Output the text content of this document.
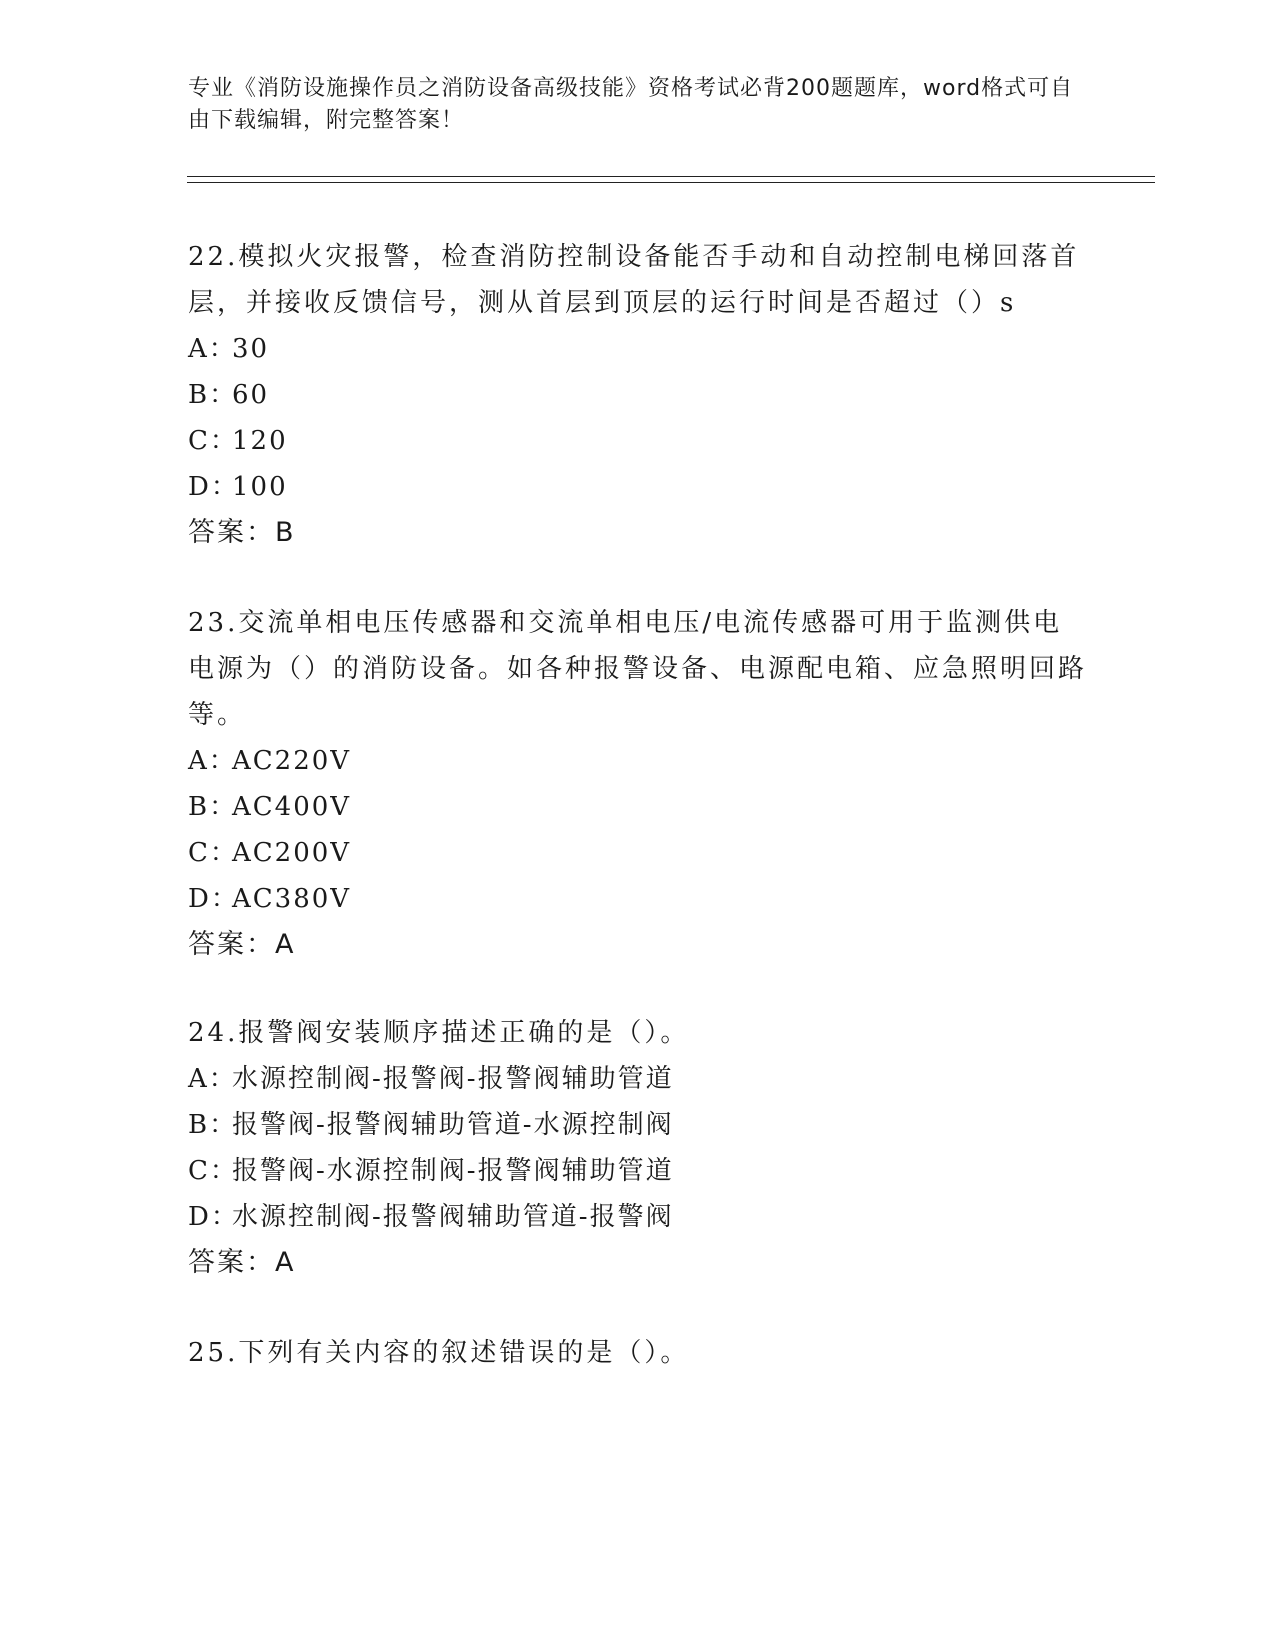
专业《消防设施操作员之消防设备高级技能》资格考试必背200题题库，word格式可自由下载编辑，附完整答案！

22.模拟火灾报警，检查消防控制设备能否手动和自动控制电梯回落首层，并接收反馈信号，测从首层到顶层的运行时间是否超过（）s

A：
30
B：
60
C：
120
D：
100
答案：B

23.交流单相电压传感器和交流单相电压/电流传感器可用于监测供电电源为（）的消防设备。如各种报警设备、电源配电箱、应急照明回路等。

A：
AC220V
B：
AC400V
C：
AC200V
D：
AC380V
答案：A

24.报警阀安装顺序描述正确的是（）。

A：
水源控制阀-报警阀-报警阀辅助管道
B：
报警阀-报警阀辅助管道-水源控制阀
C：
报警阀-水源控制阀-报警阀辅助管道
D：
水源控制阀-报警阀辅助管道-报警阀
答案：A

25.下列有关内容的叙述错误的是（）。
